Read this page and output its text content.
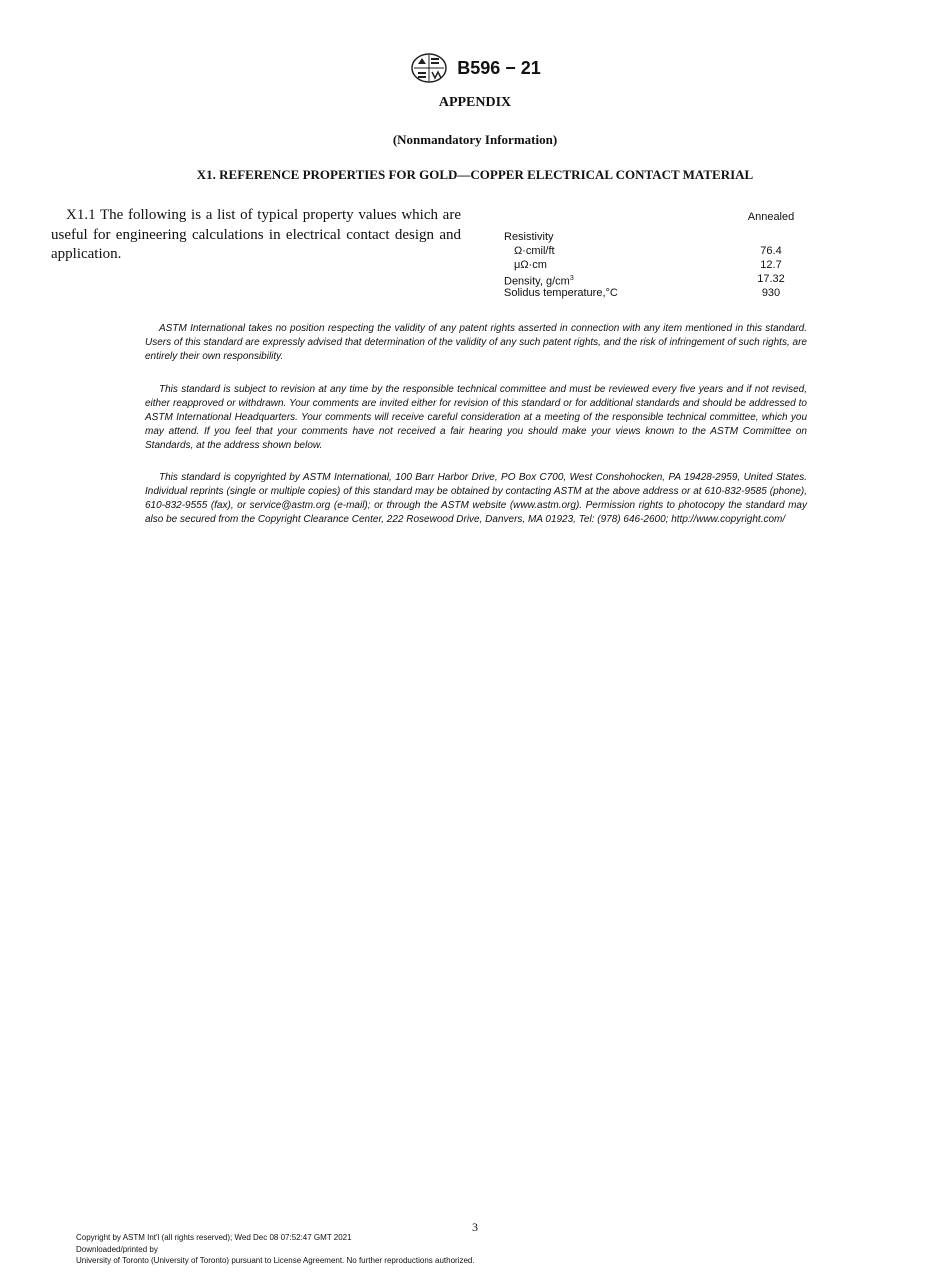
B596 − 21
APPENDIX
(Nonmandatory Information)
X1. REFERENCE PROPERTIES FOR GOLD—COPPER ELECTRICAL CONTACT MATERIAL
X1.1 The following is a list of typical property values which are useful for engineering calculations in electrical contact design and application.
Annealed
Resistivity
Ω·cmil/ft	76.4
μΩ·cm	12.7
Density, $g/cm^3$	17.32
Solidus temperature,°C	930
ASTM International takes no position respecting the validity of any patent rights asserted in connection with any item mentioned in this standard. Users of this standard are expressly advised that determination of the validity of any such patent rights, and the risk of infringement of such rights, are entirely their own responsibility.
This standard is subject to revision at any time by the responsible technical committee and must be reviewed every five years and if not revised, either reapproved or withdrawn. Your comments are invited either for revision of this standard or for additional standards and should be addressed to ASTM International Headquarters. Your comments will receive careful consideration at a meeting of the responsible technical committee, which you may attend. If you feel that your comments have not received a fair hearing you should make your views known to the ASTM Committee on Standards, at the address shown below.
This standard is copyrighted by ASTM International, 100 Barr Harbor Drive, PO Box C700, West Conshohocken, PA 19428-2959, United States. Individual reprints (single or multiple copies) of this standard may be obtained by contacting ASTM at the above address or at 610-832-9585 (phone), 610-832-9555 (fax), or service@astm.org (e-mail); or through the ASTM website (www.astm.org). Permission rights to photocopy the standard may also be secured from the Copyright Clearance Center, 222 Rosewood Drive, Danvers, MA 01923, Tel: (978) 646-2600; http://www.copyright.com/
3
Copyright by ASTM Int'l (all rights reserved); Wed Dec 08 07:52:47 GMT 2021
Downloaded/printed by
University of Toronto (University of Toronto) pursuant to License Agreement. No further reproductions authorized.
